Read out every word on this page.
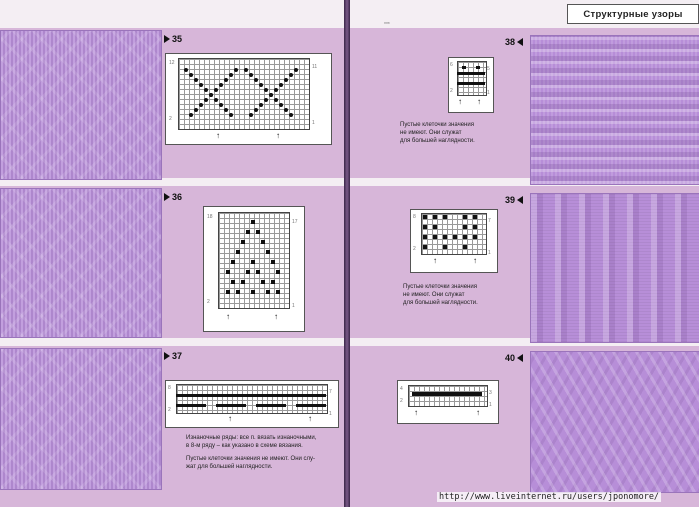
35
↑	↑
12
2
11
1
36
↑	↑
18
2
17
1
37
↑	↑
8
2
7
1
Изнаночные ряды: все п. вязать изнаночными,
в 8-м ряду – как указано в схеме вязания.
Пустые клеточки значения не имеют. Они слу-
жат для большей наглядности.
Структурные узоры
***
38
↑ ↑
6
2
5
1
Пустые клеточки значения
не имеют. Они служат
для большей наглядности.
39
↑	↑
8
2
7
1
Пустые клеточки значения
не имеют. Они служат
для большей наглядности.
40
↑	↑
4
2
3
1
http://www.liveinternet.ru/users/jponomore/
